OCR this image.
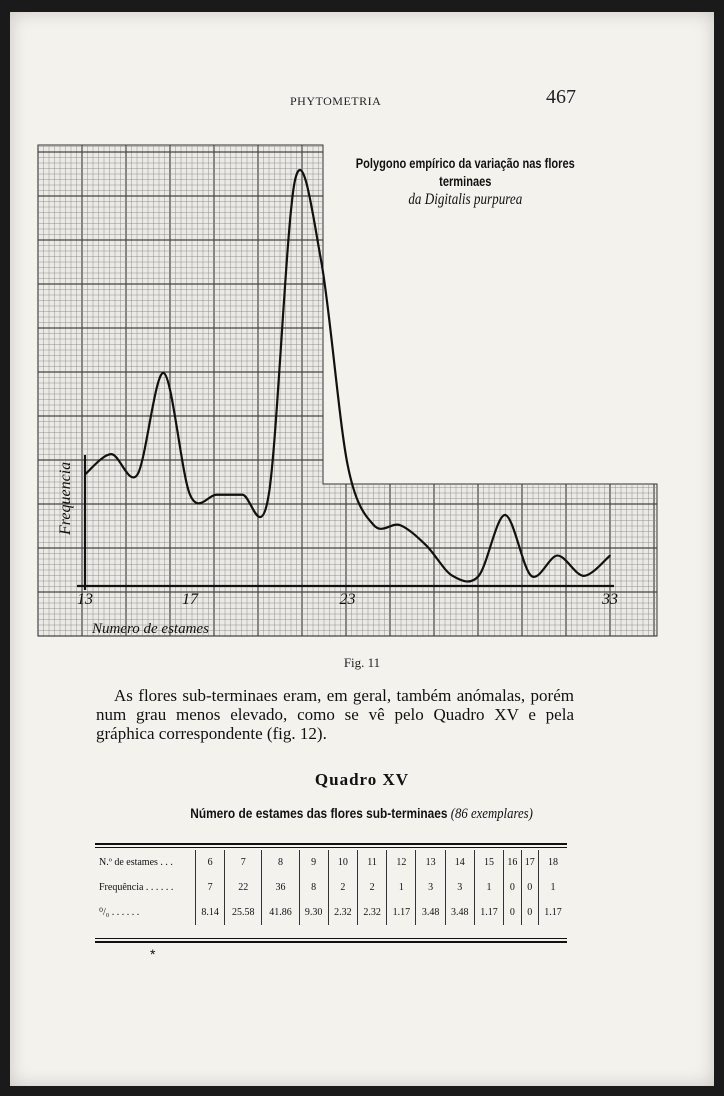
PHYTOMETRIA	467
13	17	23	33
Frequencia
Numero de estames
Polygono empírico da variação nas flores terminaes
da Digitalis purpurea
Fig. 11

As flores sub-terminaes eram, em geral, também anómalas, porém num grau menos elevado, como se vê pelo Quadro XV e pela gráphica correspondente (fig. 12).

Quadro XV
Número de estames das flores sub-terminaes (86 exemplares)
N.º de estames . . .	6	7	8	9	10	11	12	13	14	15	16	17	18
Frequência . . . . . .	7	22	36	8	2	2	1	3	3	1	0	0	1
⁰/₀ . . . . . .	8.14	25.58	41.86	9.30	2.32	2.32	1.17	3.48	3.48	1.17	0	0	1.17
*
